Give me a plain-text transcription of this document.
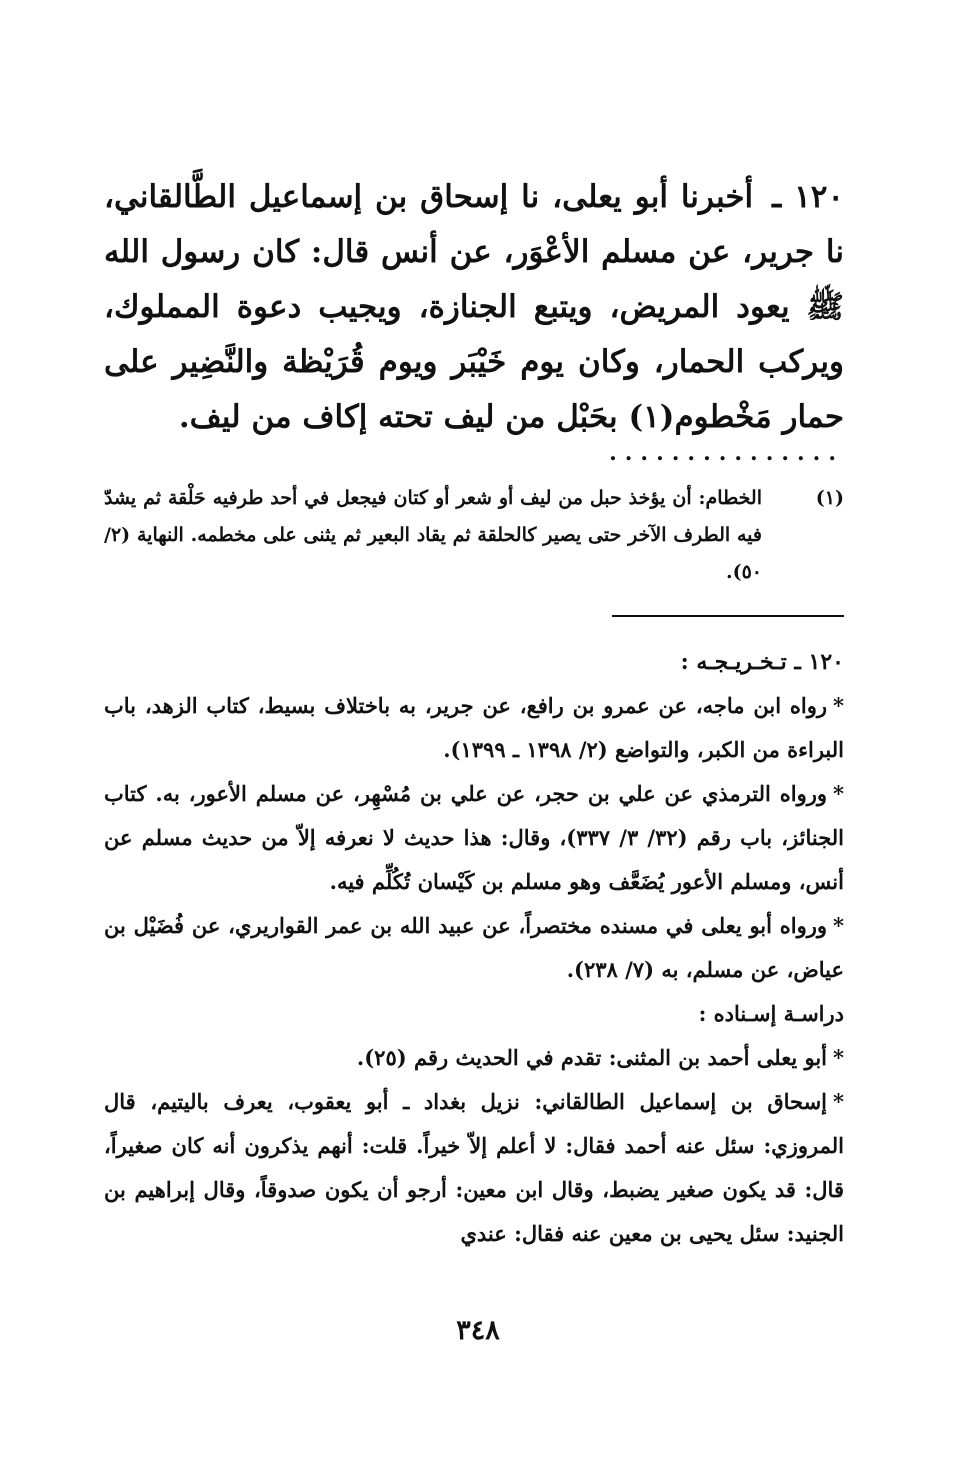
١٢٠ ـ أخبرنا أبو يعلى، نا إسحاق بن إسماعيل الطَّالقاني، نا جرير، عن مسلم الأعْوَر، عن أنس قال: كان رسول الله ﷺ يعود المريض، ويتبع الجنازة، ويجيب دعوة المملوك، ويركب الحمار، وكان يوم خَيْبَر ويوم قُرَيْظة والنَّضِير على حمار مَخْطوم(١) بحَبْل من ليف تحته إكاف من ليف.

...............
(١)
الخطام: أن يؤخذ حبل من ليف أو شعر أو كتان فيجعل في أحد طرفيه حَلْقة ثم يشدّ فيه الطرف الآخر حتى يصير كالحلقة ثم يقاد البعير ثم يثنى على مخطمه. النهاية (٢/ ٥٠).

١٢٠ ـ تـخـريـجـه :

*رواه ابن ماجه، عن عمرو بن رافع، عن جرير، به باختلاف بسيط، كتاب الزهد، باب البراءة من الكبر، والتواضع (٢/ ١٣٩٨ ـ ١٣٩٩).

*ورواه الترمذي عن علي بن حجر، عن علي بن مُسْهِر، عن مسلم الأعور، به. كتاب الجنائز، باب رقم (٣٢/ ٣/ ٣٣٧)، وقال: هذا حديث لا نعرفه إلاّ من حديث مسلم عن أنس، ومسلم الأعور يُضَعَّف وهو مسلم بن كَيْسان تُكُلِّم فيه.

*ورواه أبو يعلى في مسنده مختصراً، عن عبيد الله بن عمر القواريري، عن فُضَيْل بن عياض، عن مسلم، به (٧/ ٢٣٨).

دراسـة إسـناده :

*أبو يعلى أحمد بن المثنى: تقدم في الحديث رقم (٢٥).

*إسحاق بن إسماعيل الطالقاني: نزيل بغداد ـ أبو يعقوب، يعرف باليتيم، قال المروزي: سئل عنه أحمد فقال: لا أعلم إلاّ خيراً. قلت: أنهم يذكرون أنه كان صغيراً، قال: قد يكون صغير يضبط، وقال ابن معين: أرجو أن يكون صدوقاً، وقال إبراهيم بن الجنيد: سئل يحيى بن معين عنه فقال: عندي

٣٤٨
